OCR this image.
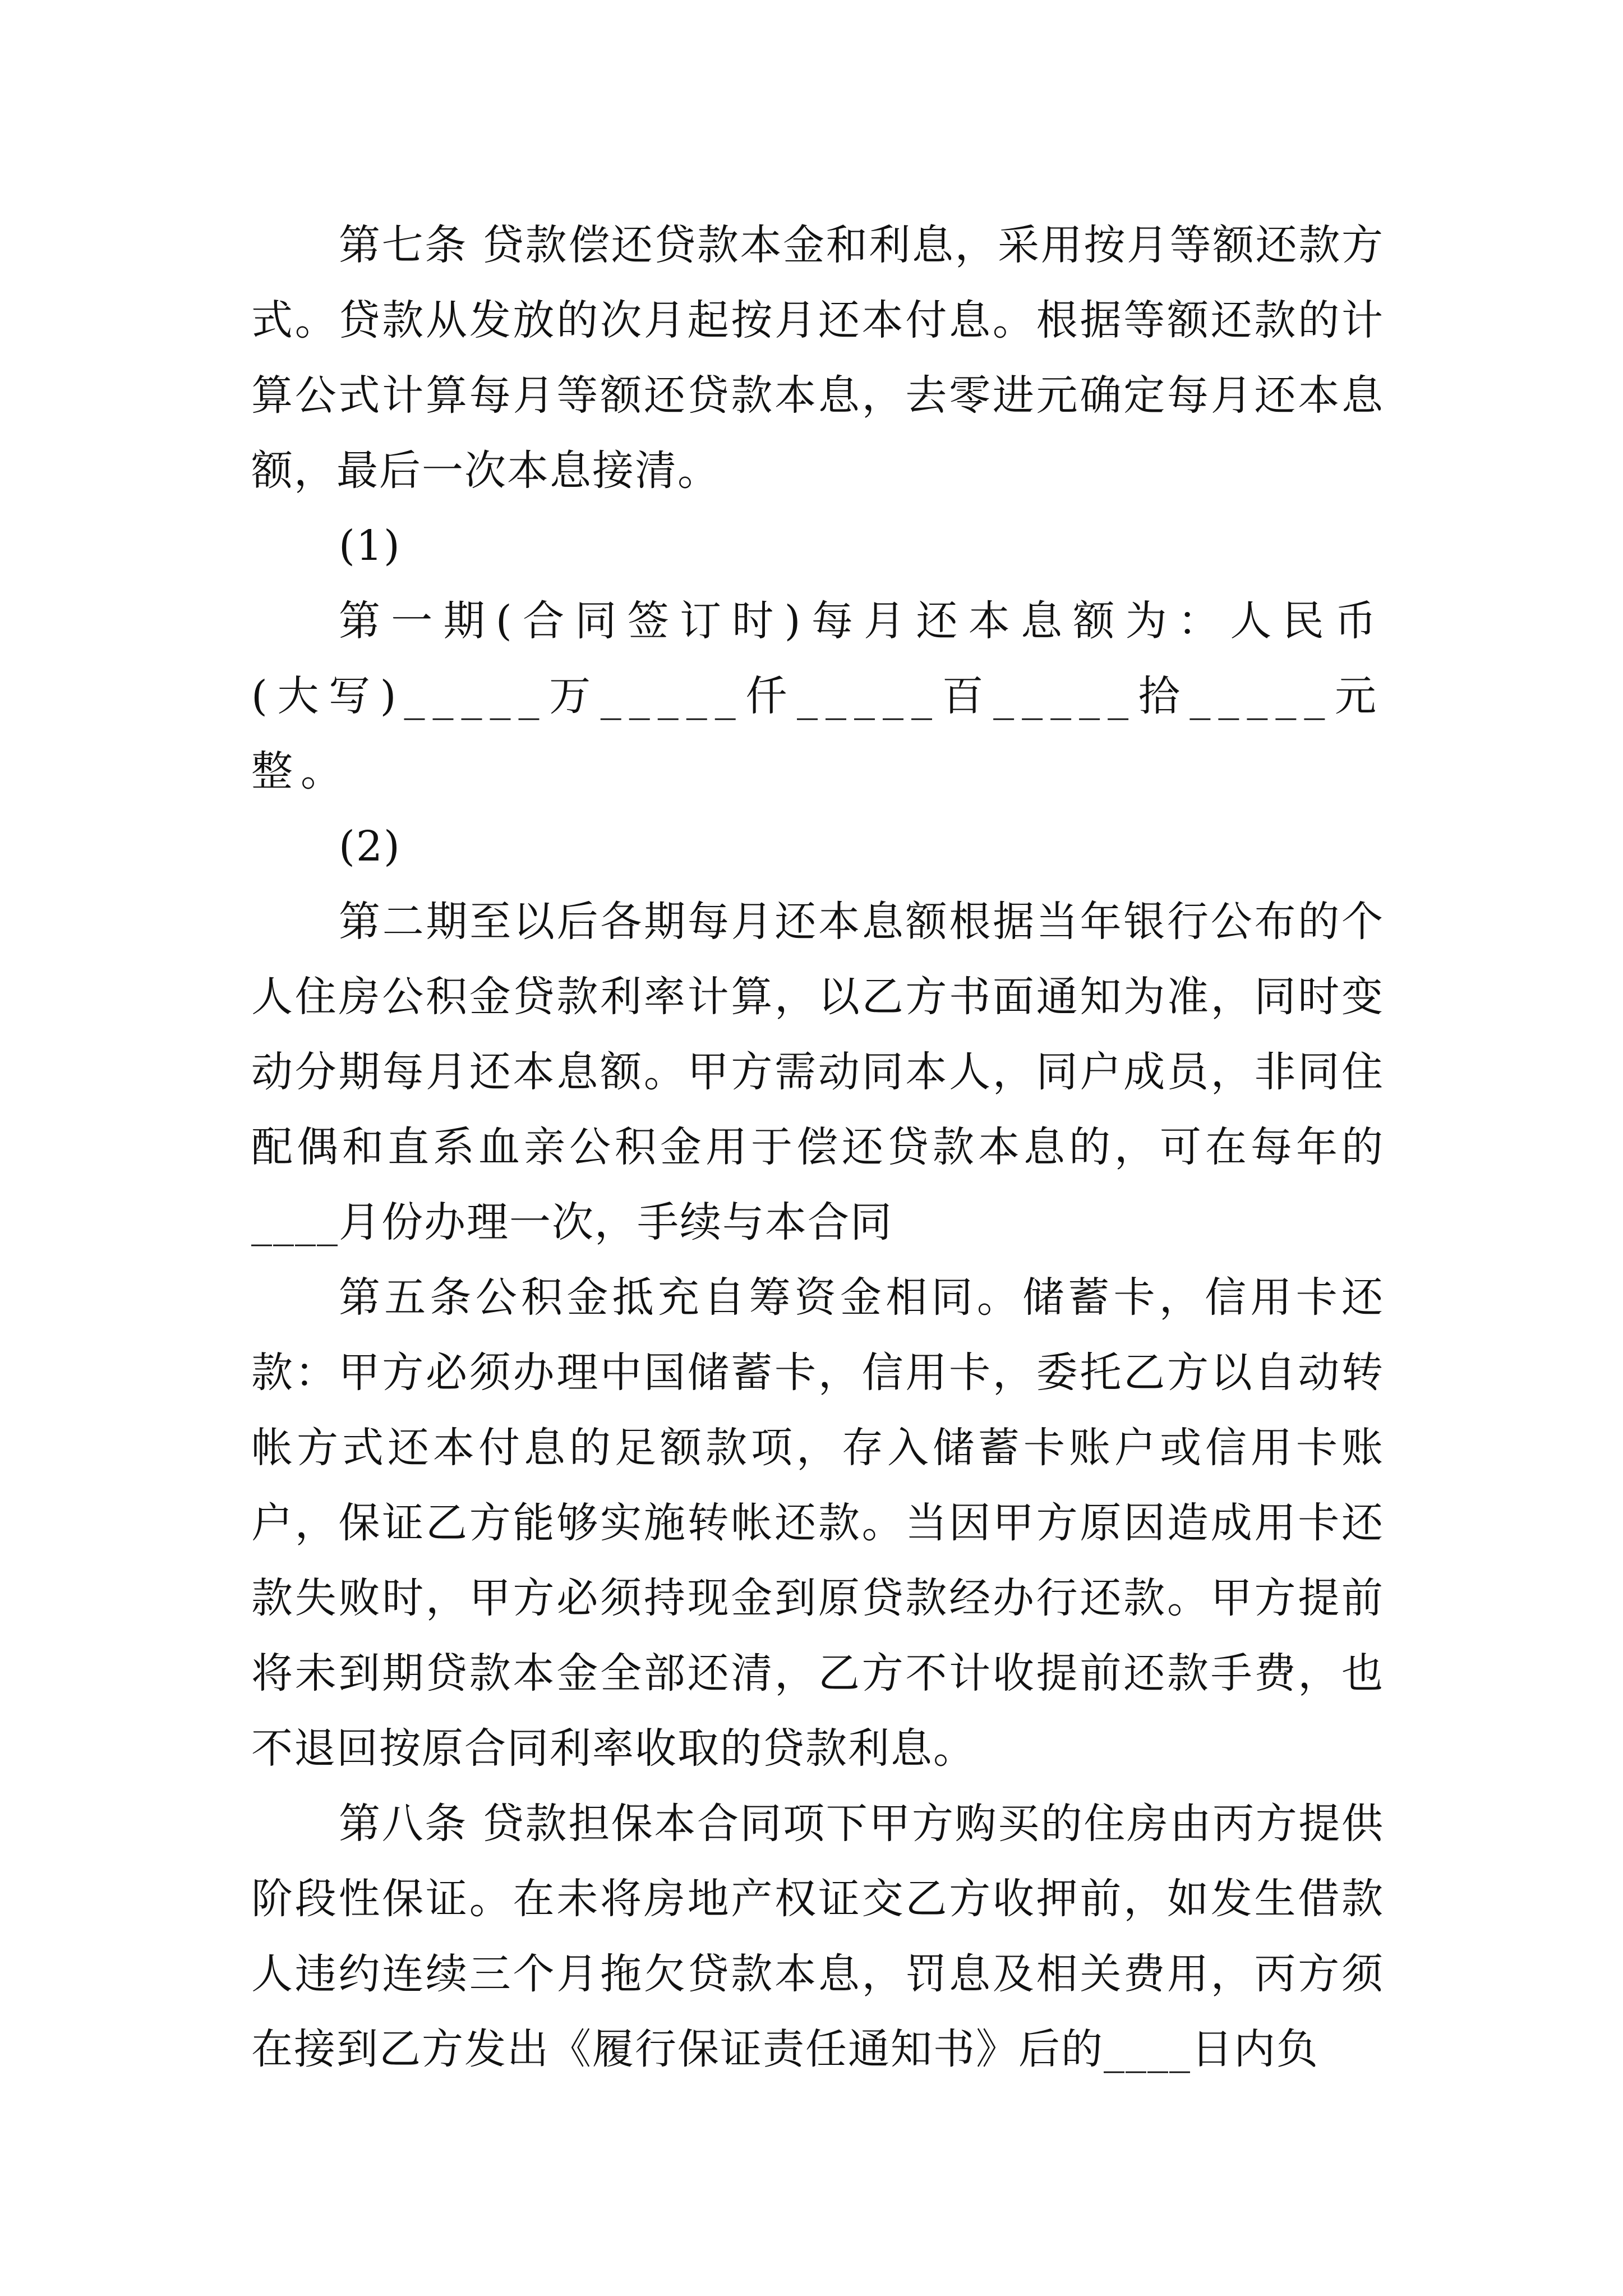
第七条 贷款偿还贷款本金和利息，采用按月等额还款方式。贷款从发放的次月起按月还本付息。根据等额还款的计算公式计算每月等额还贷款本息，去零进元确定每月还本息额，最后一次本息接清。

(1)

第一期(合同签订时)每月还本息额为：人民币(大写)_____万_____仟_____百_____拾_____元整。

(2)

第二期至以后各期每月还本息额根据当年银行公布的个人住房公积金贷款利率计算，以乙方书面通知为准，同时变动分期每月还本息额。甲方需动同本人，同户成员，非同住配偶和直系血亲公积金用于偿还贷款本息的，可在每年的____月份办理一次，手续与本合同

第五条公积金抵充自筹资金相同。储蓄卡，信用卡还款：甲方必须办理中国储蓄卡，信用卡，委托乙方以自动转帐方式还本付息的足额款项，存入储蓄卡账户或信用卡账户，保证乙方能够实施转帐还款。当因甲方原因造成用卡还款失败时，甲方必须持现金到原贷款经办行还款。甲方提前将未到期贷款本金全部还清，乙方不计收提前还款手费，也不退回按原合同利率收取的贷款利息。

第八条 贷款担保本合同项下甲方购买的住房由丙方提供阶段性保证。在未将房地产权证交乙方收押前，如发生借款人违约连续三个月拖欠贷款本息，罚息及相关费用，丙方须在接到乙方发出《履行保证责任通知书》后的____日内负
